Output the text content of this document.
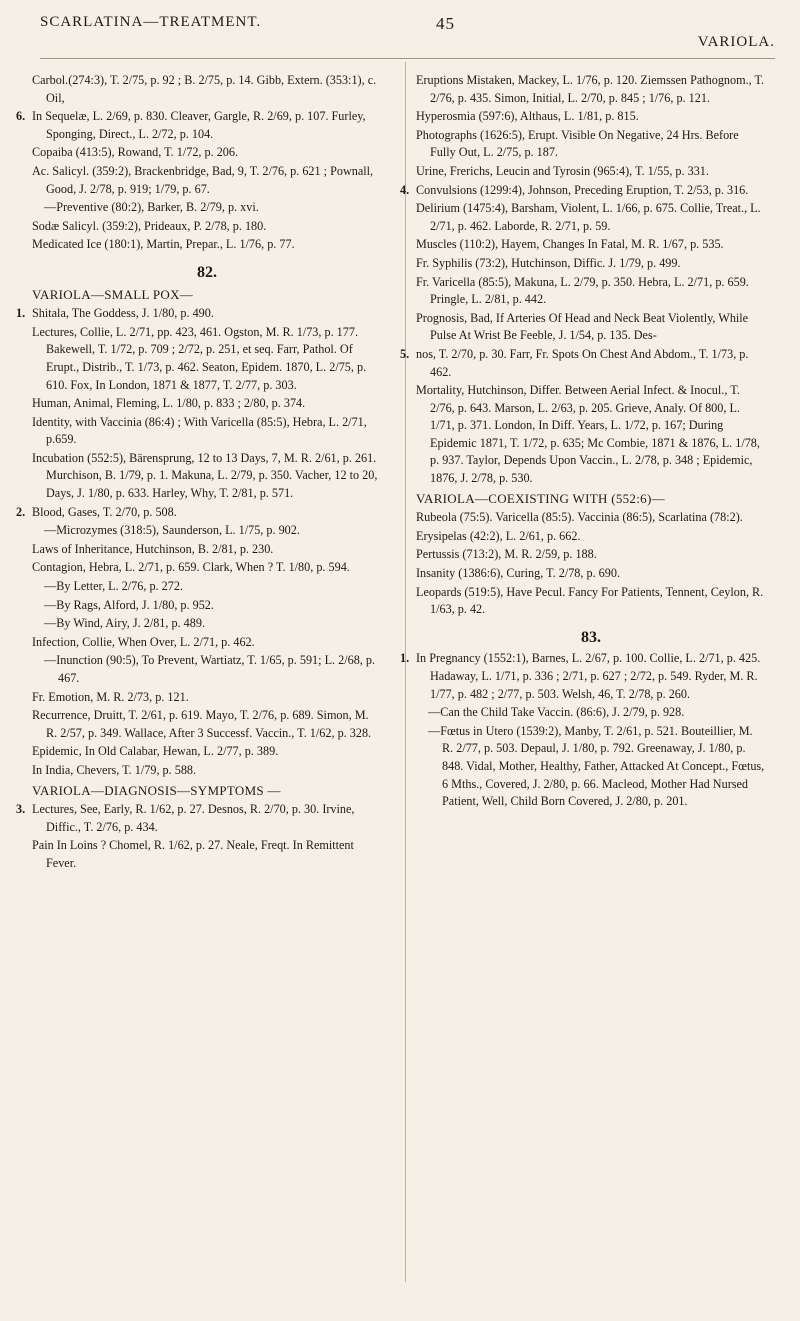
SCARLATINA—TREATMENT.	45
VARIOLA.
Carbol.(274:3), T. 2/75, p. 92 ; B. 2/75, p. 14. Gibb, Extern. (353:1), c. Oil,
6. In Sequelæ, L. 2/69, p. 830. Cleaver, Gargle, R. 2/69, p. 107. Furley, Sponging, Direct., L. 2/72, p. 104.
Copaiba (413:5), Rowand, T. 1/72, p. 206.
Ac. Salicyl. (359:2), Brackenbridge, Bad, 9, T. 2/76, p. 621 ; Pownall, Good, J. 2/78, p. 919; 1/79, p. 67.
—Preventive (80:2), Barker, B. 2/79, p. xvi.
Sodæ Salicyl. (359:2), Prideaux, P. 2/78, p. 180.
Medicated Ice (180:1), Martin, Prepar., L. 1/76, p. 77.
82.
VARIOLA—SMALL POX—
1. Shitala, The Goddess, J. 1/80, p. 490.
Lectures, Collie, L. 2/71, pp. 423, 461. Ogston, M. R. 1/73, p. 177. Bakewell, T. 1/72, p. 709 ; 2/72, p. 251, et seq. Farr, Pathol. Of Erupt., Distrib., T. 1/73, p. 462. Seaton, Epidem. 1870, L. 2/75, p. 610. Fox, In London, 1871 & 1877, T. 2/77, p. 303.
Human, Animal, Fleming, L. 1/80, p. 833 ; 2/80, p. 374.
Identity, with Vaccinia (86:4) ; With Varicella (85:5), Hebra, L. 2/71, p.659.
Incubation (552:5), Bärensprung, 12 to 13 Days, 7, M. R. 2/61, p. 261. Murchison, B. 1/79, p. 1. Makuna, L. 2/79, p. 350. Vacher, 12 to 20, Days, J. 1/80, p. 633. Harley, Why, T. 2/81, p. 571.
2. Blood, Gases, T. 2/70, p. 508.
—Microzymes (318:5), Saunderson, L. 1/75, p. 902.
Laws of Inheritance, Hutchinson, B. 2/81, p. 230.
Contagion, Hebra, L. 2/71, p. 659. Clark, When ? T. 1/80, p. 594.
—By Letter, L. 2/76, p. 272.
—By Rags, Alford, J. 1/80, p. 952.
—By Wind, Airy, J. 2/81, p. 489.
Infection, Collie, When Over, L. 2/71, p. 462.
—Inunction (90:5), To Prevent, Wartiatz, T. 1/65, p. 591; L. 2/68, p. 467.
Fr. Emotion, M. R. 2/73, p. 121.
Recurrence, Druitt, T. 2/61, p. 619. Mayo, T. 2/76, p. 689. Simon, M. R. 2/57, p. 349. Wallace, After 3 Successf. Vaccin., T. 1/62, p. 328.
Epidemic, In Old Calabar, Hewan, L. 2/77, p. 389.
In India, Chevers, T. 1/79, p. 588.
VARIOLA—DIAGNOSIS—SYMPTOMS —
3. Lectures, See, Early, R. 1/62, p. 27. Desnos, R. 2/70, p. 30. Irvine, Diffic., T. 2/76, p. 434.
Pain In Loins ? Chomel, R. 1/62, p. 27. Neale, Freqt. In Remittent Fever.
Eruptions Mistaken, Mackey, L. 1/76, p. 120. Ziemssen Pathognom., T. 2/76, p. 435. Simon, Initial, L. 2/70, p. 845 ; 1/76, p. 121.
Hyperosmia (597:6), Althaus, L. 1/81, p. 815.
Photographs (1626:5), Erupt. Visible On Negative, 24 Hrs. Before Fully Out, L. 2/75, p. 187.
Urine, Frerichs, Leucin and Tyrosin (965:4), T. 1/55, p. 331.
4. Convulsions (1299:4), Johnson, Preceding Eruption, T. 2/53, p. 316.
Delirium (1475:4), Barsham, Violent, L. 1/66, p. 675. Collie, Treat., L. 2/71, p. 462. Laborde, R. 2/71, p. 59.
Muscles (110:2), Hayem, Changes In Fatal, M. R. 1/67, p. 535.
Fr. Syphilis (73:2), Hutchinson, Diffic. J. 1/79, p. 499.
Fr. Varicella (85:5), Makuna, L. 2/79, p. 350. Hebra, L. 2/71, p. 659. Pringle, L. 2/81, p. 442.
Prognosis, Bad, If Arteries Of Head and Neck Beat Violently, While Pulse At Wrist Be Feeble, J. 1/54, p. 135. Des-
5. nos, T. 2/70, p. 30. Farr, Fr. Spots On Chest And Abdom., T. 1/73, p. 462.
Mortality, Hutchinson, Differ. Between Aerial Infect. & Inocul., T. 2/76, p. 643. Marson, L. 2/63, p. 205. Grieve, Analy. Of 800, L. 1/71, p. 371. London, In Diff. Years, L. 1/72, p. 167; During Epidemic 1871, T. 1/72, p. 635; Mc Combie, 1871 & 1876, L. 1/78, p. 937. Taylor, Depends Upon Vaccin., L. 2/78, p. 348 ; Epidemic, 1876, J. 2/78, p. 530.
VARIOLA—COEXISTING WITH (552:6)—
Rubeola (75:5). Varicella (85:5). Vaccinia (86:5), Scarlatina (78:2).
Erysipelas (42:2), L. 2/61, p. 662.
Pertussis (713:2), M. R. 2/59, p. 188.
Insanity (1386:6), Curing, T. 2/78, p. 690.
Leopards (519:5), Have Pecul. Fancy For Patients, Tennent, Ceylon, R. 1/63, p. 42.
83.
1. In Pregnancy (1552:1), Barnes, L. 2/67, p. 100. Collie, L. 2/71, p. 425. Hadaway, L. 1/71, p. 336 ; 2/71, p. 627 ; 2/72, p. 549. Ryder, M. R. 1/77, p. 482 ; 2/77, p. 503. Welsh, 46, T. 2/78, p. 260.
—Can the Child Take Vaccin. (86:6), J. 2/79, p. 928.
—Fœtus in Utero (1539:2), Manby, T. 2/61, p. 521. Bouteillier, M. R. 2/77, p. 503. Depaul, J. 1/80, p. 792. Greenaway, J. 1/80, p. 848. Vidal, Mother, Healthy, Father, Attacked At Concept., Fœtus, 6 Mths., Covered, J. 2/80, p. 66. Macleod, Mother Had Nursed Patient, Well, Child Born Covered, J. 2/80, p. 201.
